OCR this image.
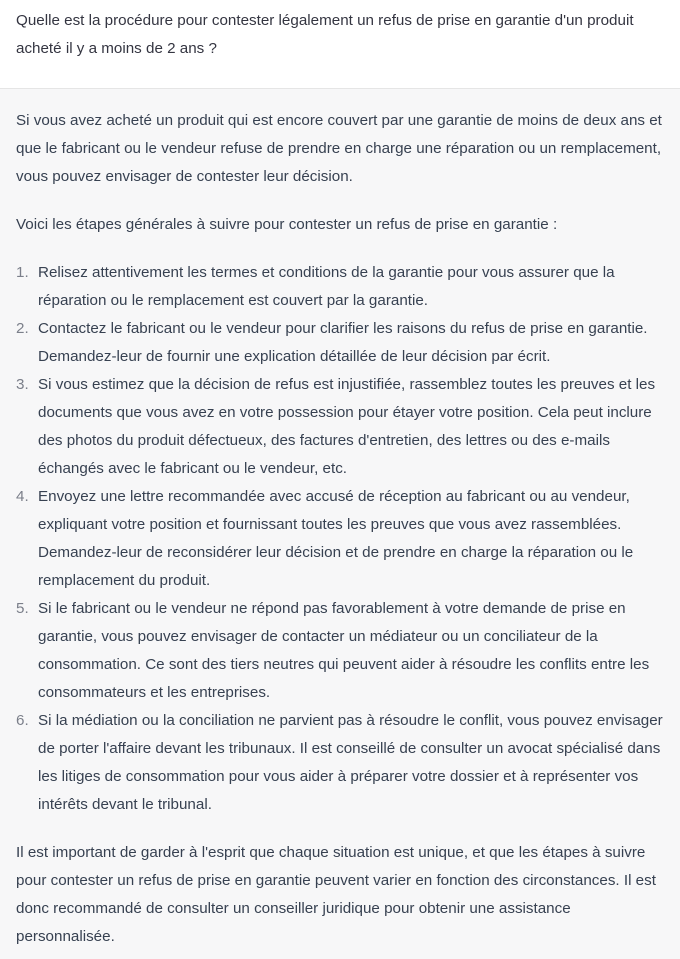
Quelle est la procédure pour contester légalement un refus de prise en garantie d'un produit acheté il y a moins de 2 ans ?

Si vous avez acheté un produit qui est encore couvert par une garantie de moins de deux ans et que le fabricant ou le vendeur refuse de prendre en charge une réparation ou un remplacement, vous pouvez envisager de contester leur décision.

Voici les étapes générales à suivre pour contester un refus de prise en garantie :

1. Relisez attentivement les termes et conditions de la garantie pour vous assurer que la réparation ou le remplacement est couvert par la garantie.
2. Contactez le fabricant ou le vendeur pour clarifier les raisons du refus de prise en garantie. Demandez-leur de fournir une explication détaillée de leur décision par écrit.
3. Si vous estimez que la décision de refus est injustifiée, rassemblez toutes les preuves et les documents que vous avez en votre possession pour étayer votre position. Cela peut inclure des photos du produit défectueux, des factures d'entretien, des lettres ou des e-mails échangés avec le fabricant ou le vendeur, etc.
4. Envoyez une lettre recommandée avec accusé de réception au fabricant ou au vendeur, expliquant votre position et fournissant toutes les preuves que vous avez rassemblées. Demandez-leur de reconsidérer leur décision et de prendre en charge la réparation ou le remplacement du produit.
5. Si le fabricant ou le vendeur ne répond pas favorablement à votre demande de prise en garantie, vous pouvez envisager de contacter un médiateur ou un conciliateur de la consommation. Ce sont des tiers neutres qui peuvent aider à résoudre les conflits entre les consommateurs et les entreprises.
6. Si la médiation ou la conciliation ne parvient pas à résoudre le conflit, vous pouvez envisager de porter l'affaire devant les tribunaux. Il est conseillé de consulter un avocat spécialisé dans les litiges de consommation pour vous aider à préparer votre dossier et à représenter vos intérêts devant le tribunal.

Il est important de garder à l'esprit que chaque situation est unique, et que les étapes à suivre pour contester un refus de prise en garantie peuvent varier en fonction des circonstances. Il est donc recommandé de consulter un conseiller juridique pour obtenir une assistance personnalisée.
